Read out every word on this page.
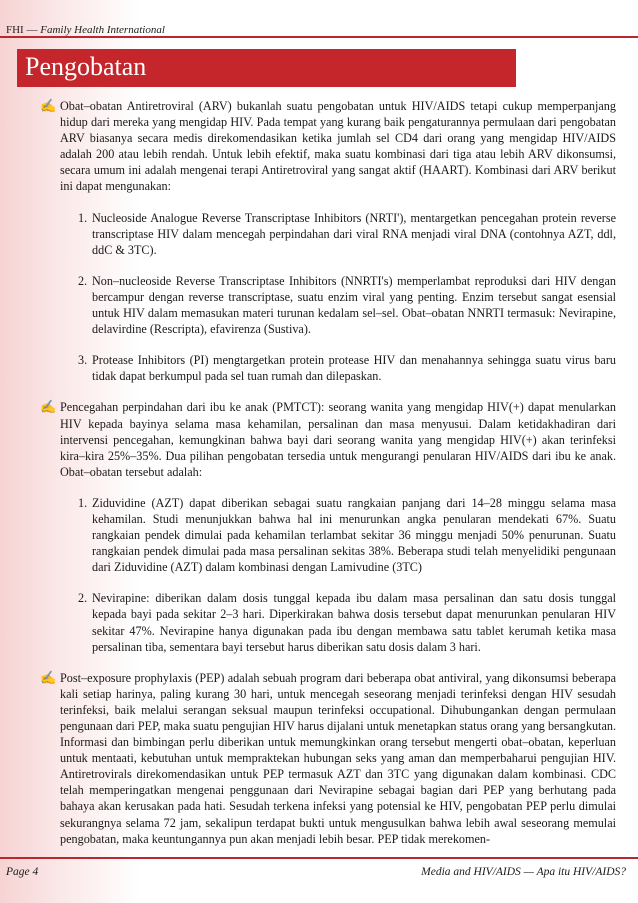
FHI — Family Health International
Pengobatan
✍ Obat–obatan Antiretroviral (ARV) bukanlah suatu pengobatan untuk HIV/AIDS tetapi cukup memperpanjang hidup dari mereka yang mengidap HIV. Pada tempat yang kurang baik pengaturannya permulaan dari pengobatan ARV biasanya secara medis direkomendasikan ketika jumlah sel CD4 dari orang yang mengidap HIV/AIDS adalah 200 atau lebih rendah. Untuk lebih efektif, maka suatu kombinasi dari tiga atau lebih ARV dikonsumsi, secara umum ini adalah mengenai terapi Antiretroviral yang sangat aktif (HAART). Kombinasi dari ARV berikut ini dapat mengunakan:
1. Nucleoside Analogue Reverse Transcriptase Inhibitors (NRTI'), mentargetkan pencegahan protein reverse transcriptase HIV dalam mencegah perpindahan dari viral RNA menjadi viral DNA (contohnya AZT, ddl, ddC & 3TC).
2. Non–nucleoside Reverse Transcriptase Inhibitors (NNRTI's) memperlambat reproduksi dari HIV dengan bercampur dengan reverse transcriptase, suatu enzim viral yang penting. Enzim tersebut sangat esensial untuk HIV dalam memasukan materi turunan kedalam sel–sel. Obat–obatan NNRTI termasuk: Nevirapine, delavirdine (Rescripta), efavirenza (Sustiva).
3. Protease Inhibitors (PI) mengtargetkan protein protease HIV dan menahannya sehingga suatu virus baru tidak dapat berkumpul pada sel tuan rumah dan dilepaskan.
✍ Pencegahan perpindahan dari ibu ke anak (PMTCT): seorang wanita yang mengidap HIV(+) dapat menularkan HIV kepada bayinya selama masa kehamilan, persalinan dan masa menyusui. Dalam ketidakhadiran dari intervensi pencegahan, kemungkinan bahwa bayi dari seorang wanita yang mengidap HIV(+) akan terinfeksi kira–kira 25%–35%. Dua pilihan pengobatan tersedia untuk mengurangi penularan HIV/AIDS dari ibu ke anak. Obat–obatan tersebut adalah:
1. Ziduvidine (AZT) dapat diberikan sebagai suatu rangkaian panjang dari 14–28 minggu selama masa kehamilan. Studi menunjukkan bahwa hal ini menurunkan angka penularan mendekati 67%. Suatu rangkaian pendek dimulai pada kehamilan terlambat sekitar 36 minggu menjadi 50% penurunan. Suatu rangkaian pendek dimulai pada masa persalinan sekitas 38%. Beberapa studi telah menyelidiki pengunaan dari Ziduvidine (AZT) dalam kombinasi dengan Lamivudine (3TC)
2. Nevirapine: diberikan dalam dosis tunggal kepada ibu dalam masa persalinan dan satu dosis tunggal kepada bayi pada sekitar 2–3 hari. Diperkirakan bahwa dosis tersebut dapat menurunkan penularan HIV sekitar 47%. Nevirapine hanya digunakan pada ibu dengan membawa satu tablet kerumah ketika masa persalinan tiba, sementara bayi tersebut harus diberikan satu dosis dalam 3 hari.
✍ Post–exposure prophylaxis (PEP) adalah sebuah program dari beberapa obat antiviral, yang dikonsumsi beberapa kali setiap harinya, paling kurang 30 hari, untuk mencegah seseorang menjadi terinfeksi dengan HIV sesudah terinfeksi, baik melalui serangan seksual maupun terinfeksi occupational. Dihubungankan dengan permulaan pengunaan dari PEP, maka suatu pengujian HIV harus dijalani untuk menetapkan status orang yang bersangkutan. Informasi dan bimbingan perlu diberikan untuk memungkinkan orang tersebut mengerti obat–obatan, keperluan untuk mentaati, kebutuhan untuk mempraktekan hubungan seks yang aman dan memperbaharui pengujian HIV. Antiretrovirals direkomendasikan untuk PEP termasuk AZT dan 3TC yang digunakan dalam kombinasi. CDC telah memperingatkan mengenai penggunaan dari Nevirapine sebagai bagian dari PEP yang berhutang pada bahaya akan kerusakan pada hati. Sesudah terkena infeksi yang potensial ke HIV, pengobatan PEP perlu dimulai sekurangnya selama 72 jam, sekalipun terdapat bukti untuk mengusulkan bahwa lebih awal seseorang memulai pengobatan, maka keuntungannya pun akan menjadi lebih besar. PEP tidak merekomen-
Page 4	Media and HIV/AIDS — Apa itu HIV/AIDS?
